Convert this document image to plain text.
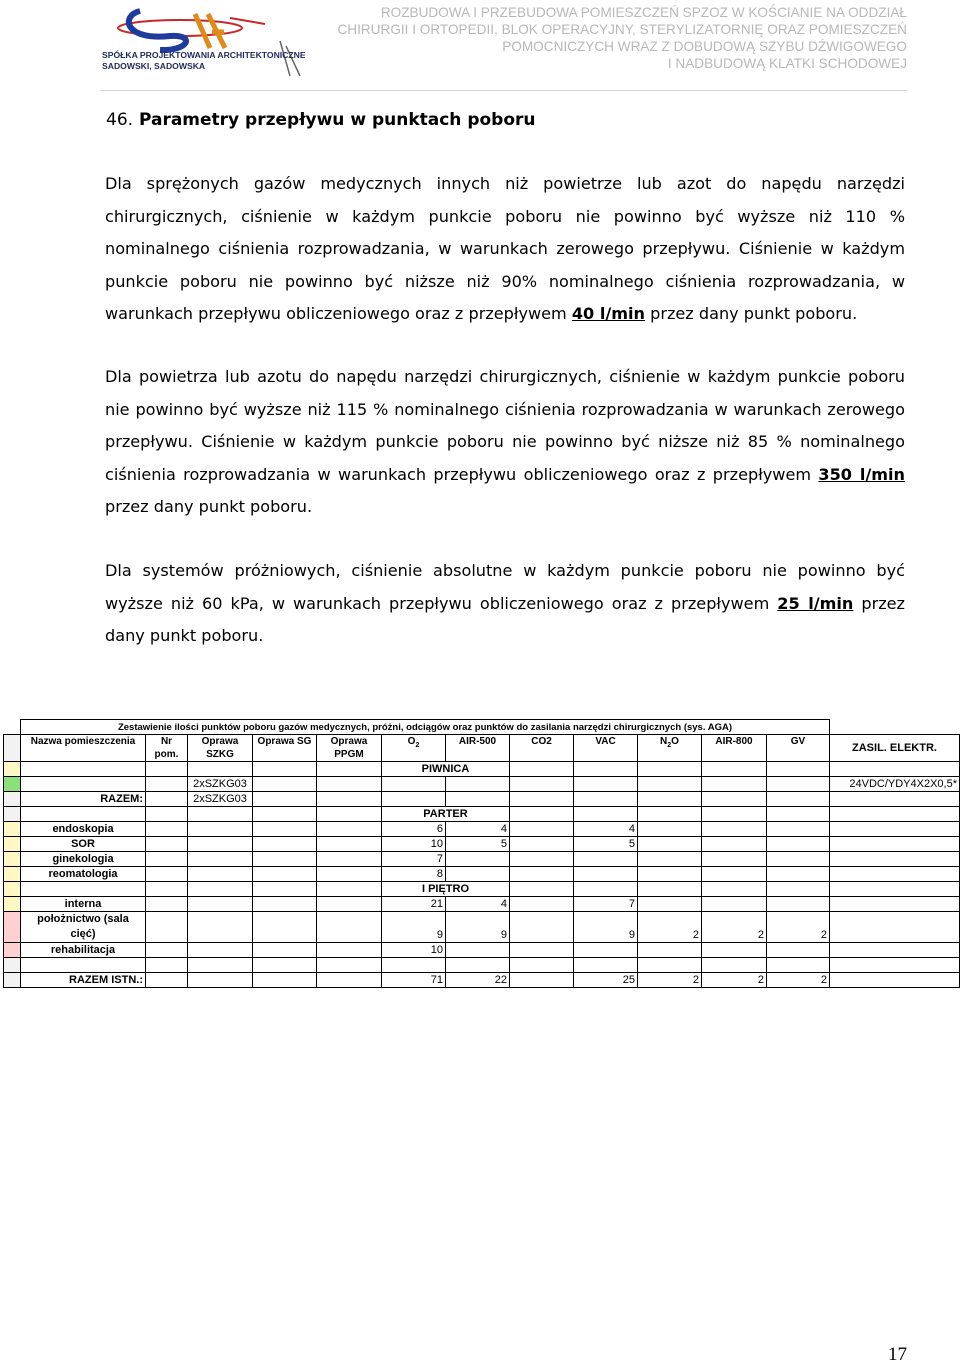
SPÓŁKA PROJEKTOWANIA ARCHITEKTONICZNEGO
SADOWSKI, SADOWSKA
ROZBUDOWA I PRZEBUDOWA POMIESZCZEŃ SPZOZ W KOŚCIANIE NA ODDZIAŁ
CHIRURGII I ORTOPEDII, BLOK OPERACYJNY, STERYLIZATORNIĘ ORAZ POMIESZCZEŃ
POMOCNICZYCH WRAZ Z DOBUDOWĄ SZYBU DŹWIGOWEGO
I NADBUDOWĄ KLATKI SCHODOWEJ
46. Parametry przepływu w punktach poboru
Dla sprężonych gazów medycznych innych niż powietrze lub azot do napędu narzędzi chirurgicznych, ciśnienie w każdym punkcie poboru nie powinno być wyższe niż 110 % nominalnego ciśnienia rozprowadzania, w warunkach zerowego przepływu. Ciśnienie w każdym punkcie poboru nie powinno być niższe niż 90% nominalnego ciśnienia rozprowadzania, w warunkach przepływu obliczeniowego oraz z przepływem 40 l/min przez dany punkt poboru.
Dla powietrza lub azotu do napędu narzędzi chirurgicznych, ciśnienie w każdym punkcie poboru nie powinno być wyższe niż 115 % nominalnego ciśnienia rozprowadzania w warunkach zerowego przepływu. Ciśnienie w każdym punkcie poboru nie powinno być niższe niż 85 % nominalnego ciśnienia rozprowadzania w warunkach przepływu obliczeniowego oraz z przepływem 350 l/min przez dany punkt poboru.
Dla systemów próżniowych, ciśnienie absolutne w każdym punkcie poboru nie powinno być wyższe niż 60 kPa, w warunkach przepływu obliczeniowego oraz z przepływem 25 l/min przez dany punkt poboru.
	Zestawienie ilości punktów poboru gazów medycznych, próżni, odciągów oraz punktów do zasilania narzędzi chirurgicznych (sys. AGA)												
	Nazwa pomieszczenia	Nr pom.	Oprawa SZKG	Oprawa SG	Oprawa PPGM	$O_2$	AIR-500	CO2	VAC	$N_2O$	AIR-800	GV	ZASIL. ELEKTR.
						PIWNICA							
			2xSZKG03										24VDC/YDY4X2X0,5*
	RAZEM:		2xSZKG03										
						PARTER							
	endoskopia					6	4		4				
	SOR					10	5		5				
	ginekologia					7							
	reomatologia					8							
						I PIĘTRO							
	interna					21	4		7				
	położnictwo (sala
cięć)					9	9		9	2	2	2	
	rehabilitacja					10							

	RAZEM ISTN.:					71	22		25	2	2	2	
17
